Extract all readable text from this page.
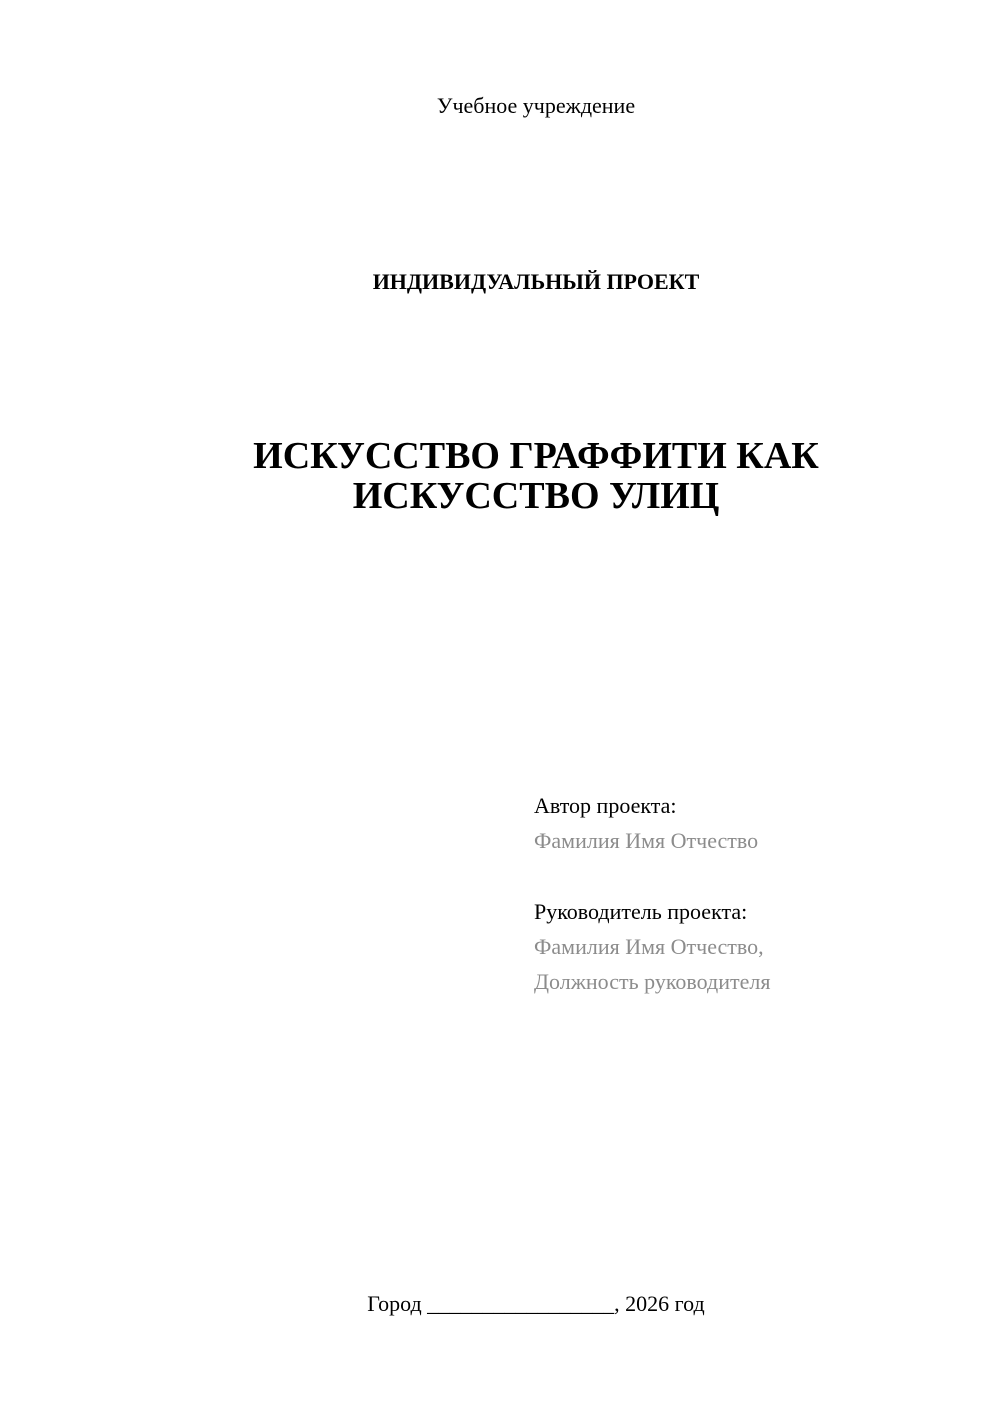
Учебное учреждение
ИНДИВИДУАЛЬНЫЙ ПРОЕКТ
ИСКУССТВО ГРАФФИТИ КАК
ИСКУССТВО УЛИЦ
Автор проекта:
Фамилия Имя Отчество
Руководитель проекта:
Фамилия Имя Отчество,
Должность руководителя
Город _________________, 2026 год
